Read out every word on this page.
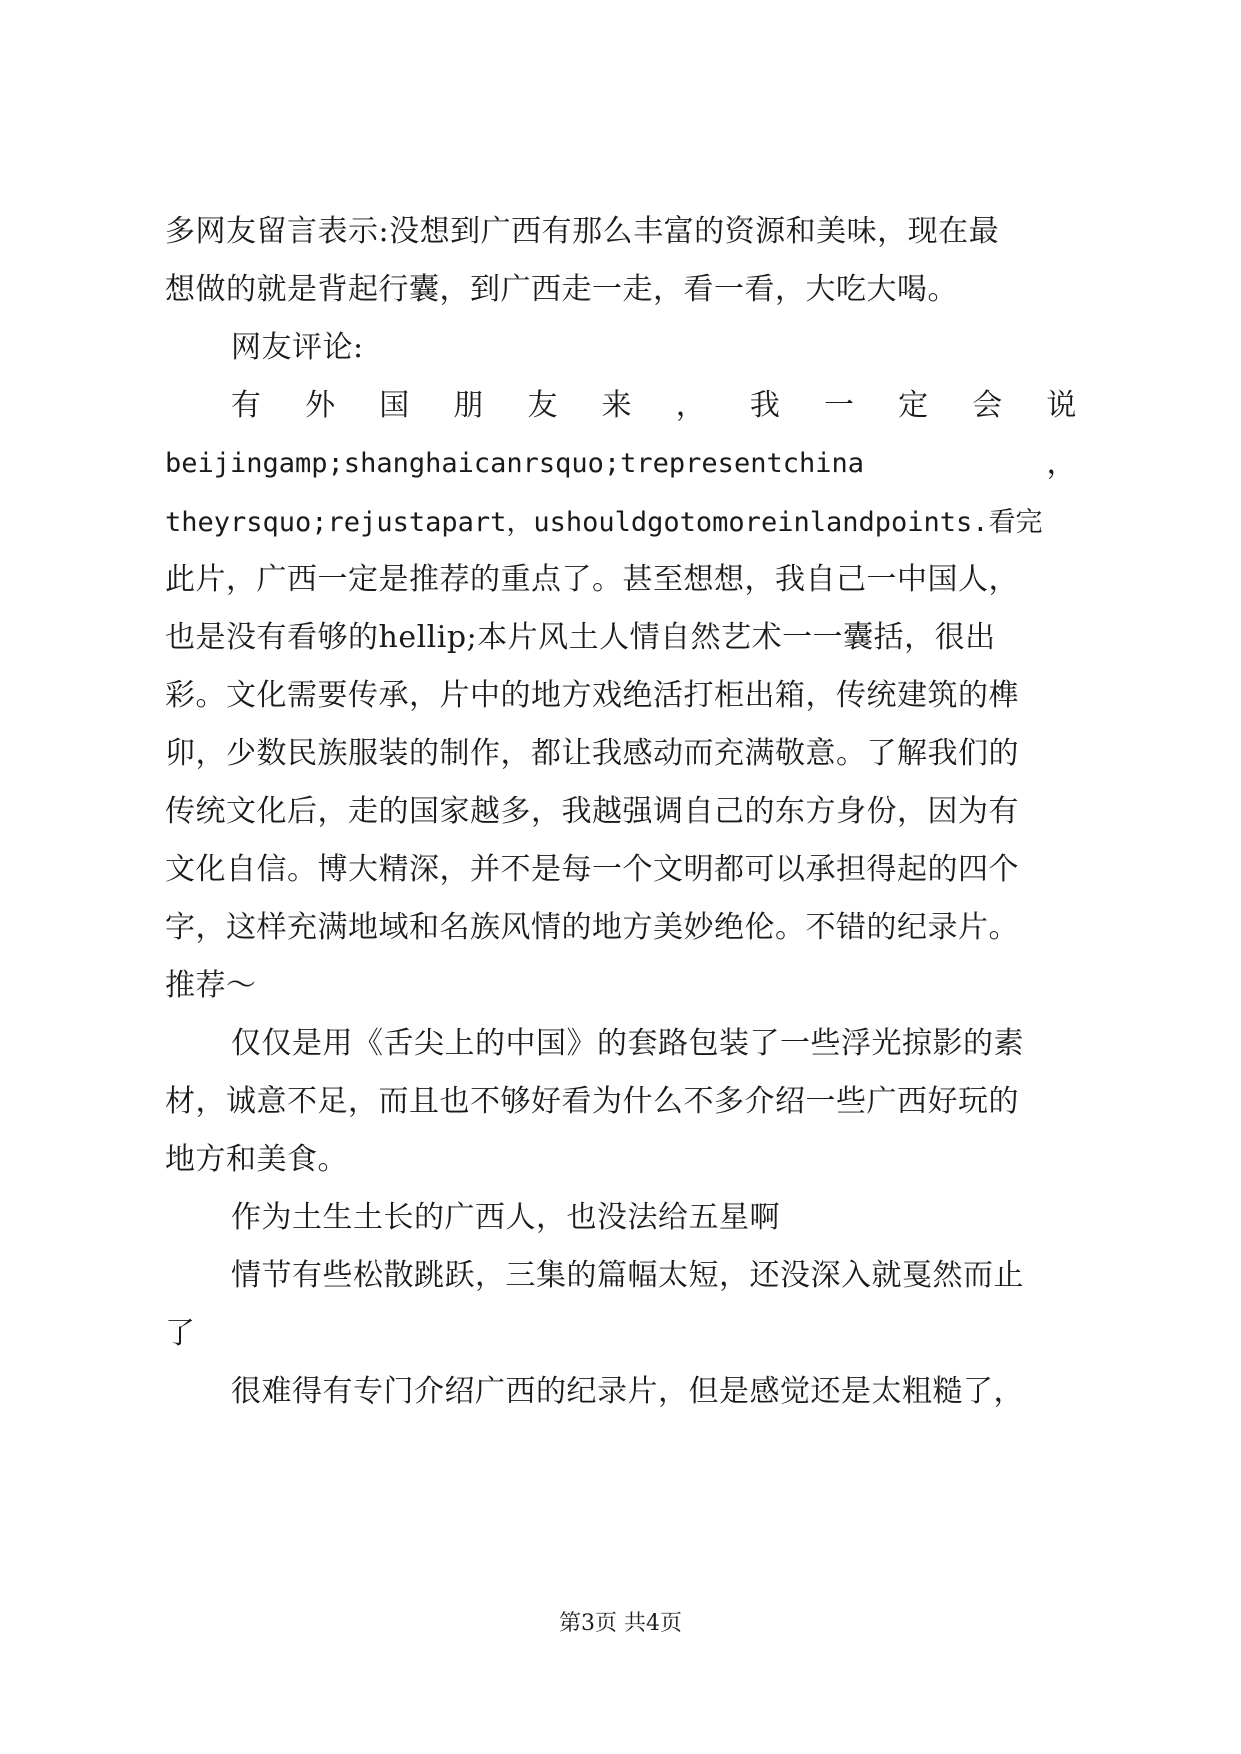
多网友留言表示:没想到广西有那么丰富的资源和美味，现在最
想做的就是背起行囊，到广西走一走，看一看，大吃大喝。
网友评论:
有 外 国 朋 友 来 ， 我 一 定 会 说
beijingamp;shanghaicanrsquo;trepresentchina	，
theyrsquo;rejustapart，ushouldgotomoreinlandpoints.看完
此片，广西一定是推荐的重点了。甚至想想，我自己一中国人，
也是没有看够的hellip;本片风土人情自然艺术一一囊括，很出
彩。文化需要传承，片中的地方戏绝活打柜出箱，传统建筑的榫
卯，少数民族服装的制作，都让我感动而充满敬意。了解我们的
传统文化后，走的国家越多，我越强调自己的东方身份，因为有
文化自信。博大精深，并不是每一个文明都可以承担得起的四个
字，这样充满地域和名族风情的地方美妙绝伦。不错的纪录片。
推荐～
仅仅是用《舌尖上的中国》的套路包装了一些浮光掠影的素
材，诚意不足，而且也不够好看为什么不多介绍一些广西好玩的
地方和美食。
作为土生土长的广西人，也没法给五星啊
情节有些松散跳跃，三集的篇幅太短，还没深入就戛然而止
了
很难得有专门介绍广西的纪录片，但是感觉还是太粗糙了，
第3页 共4页
